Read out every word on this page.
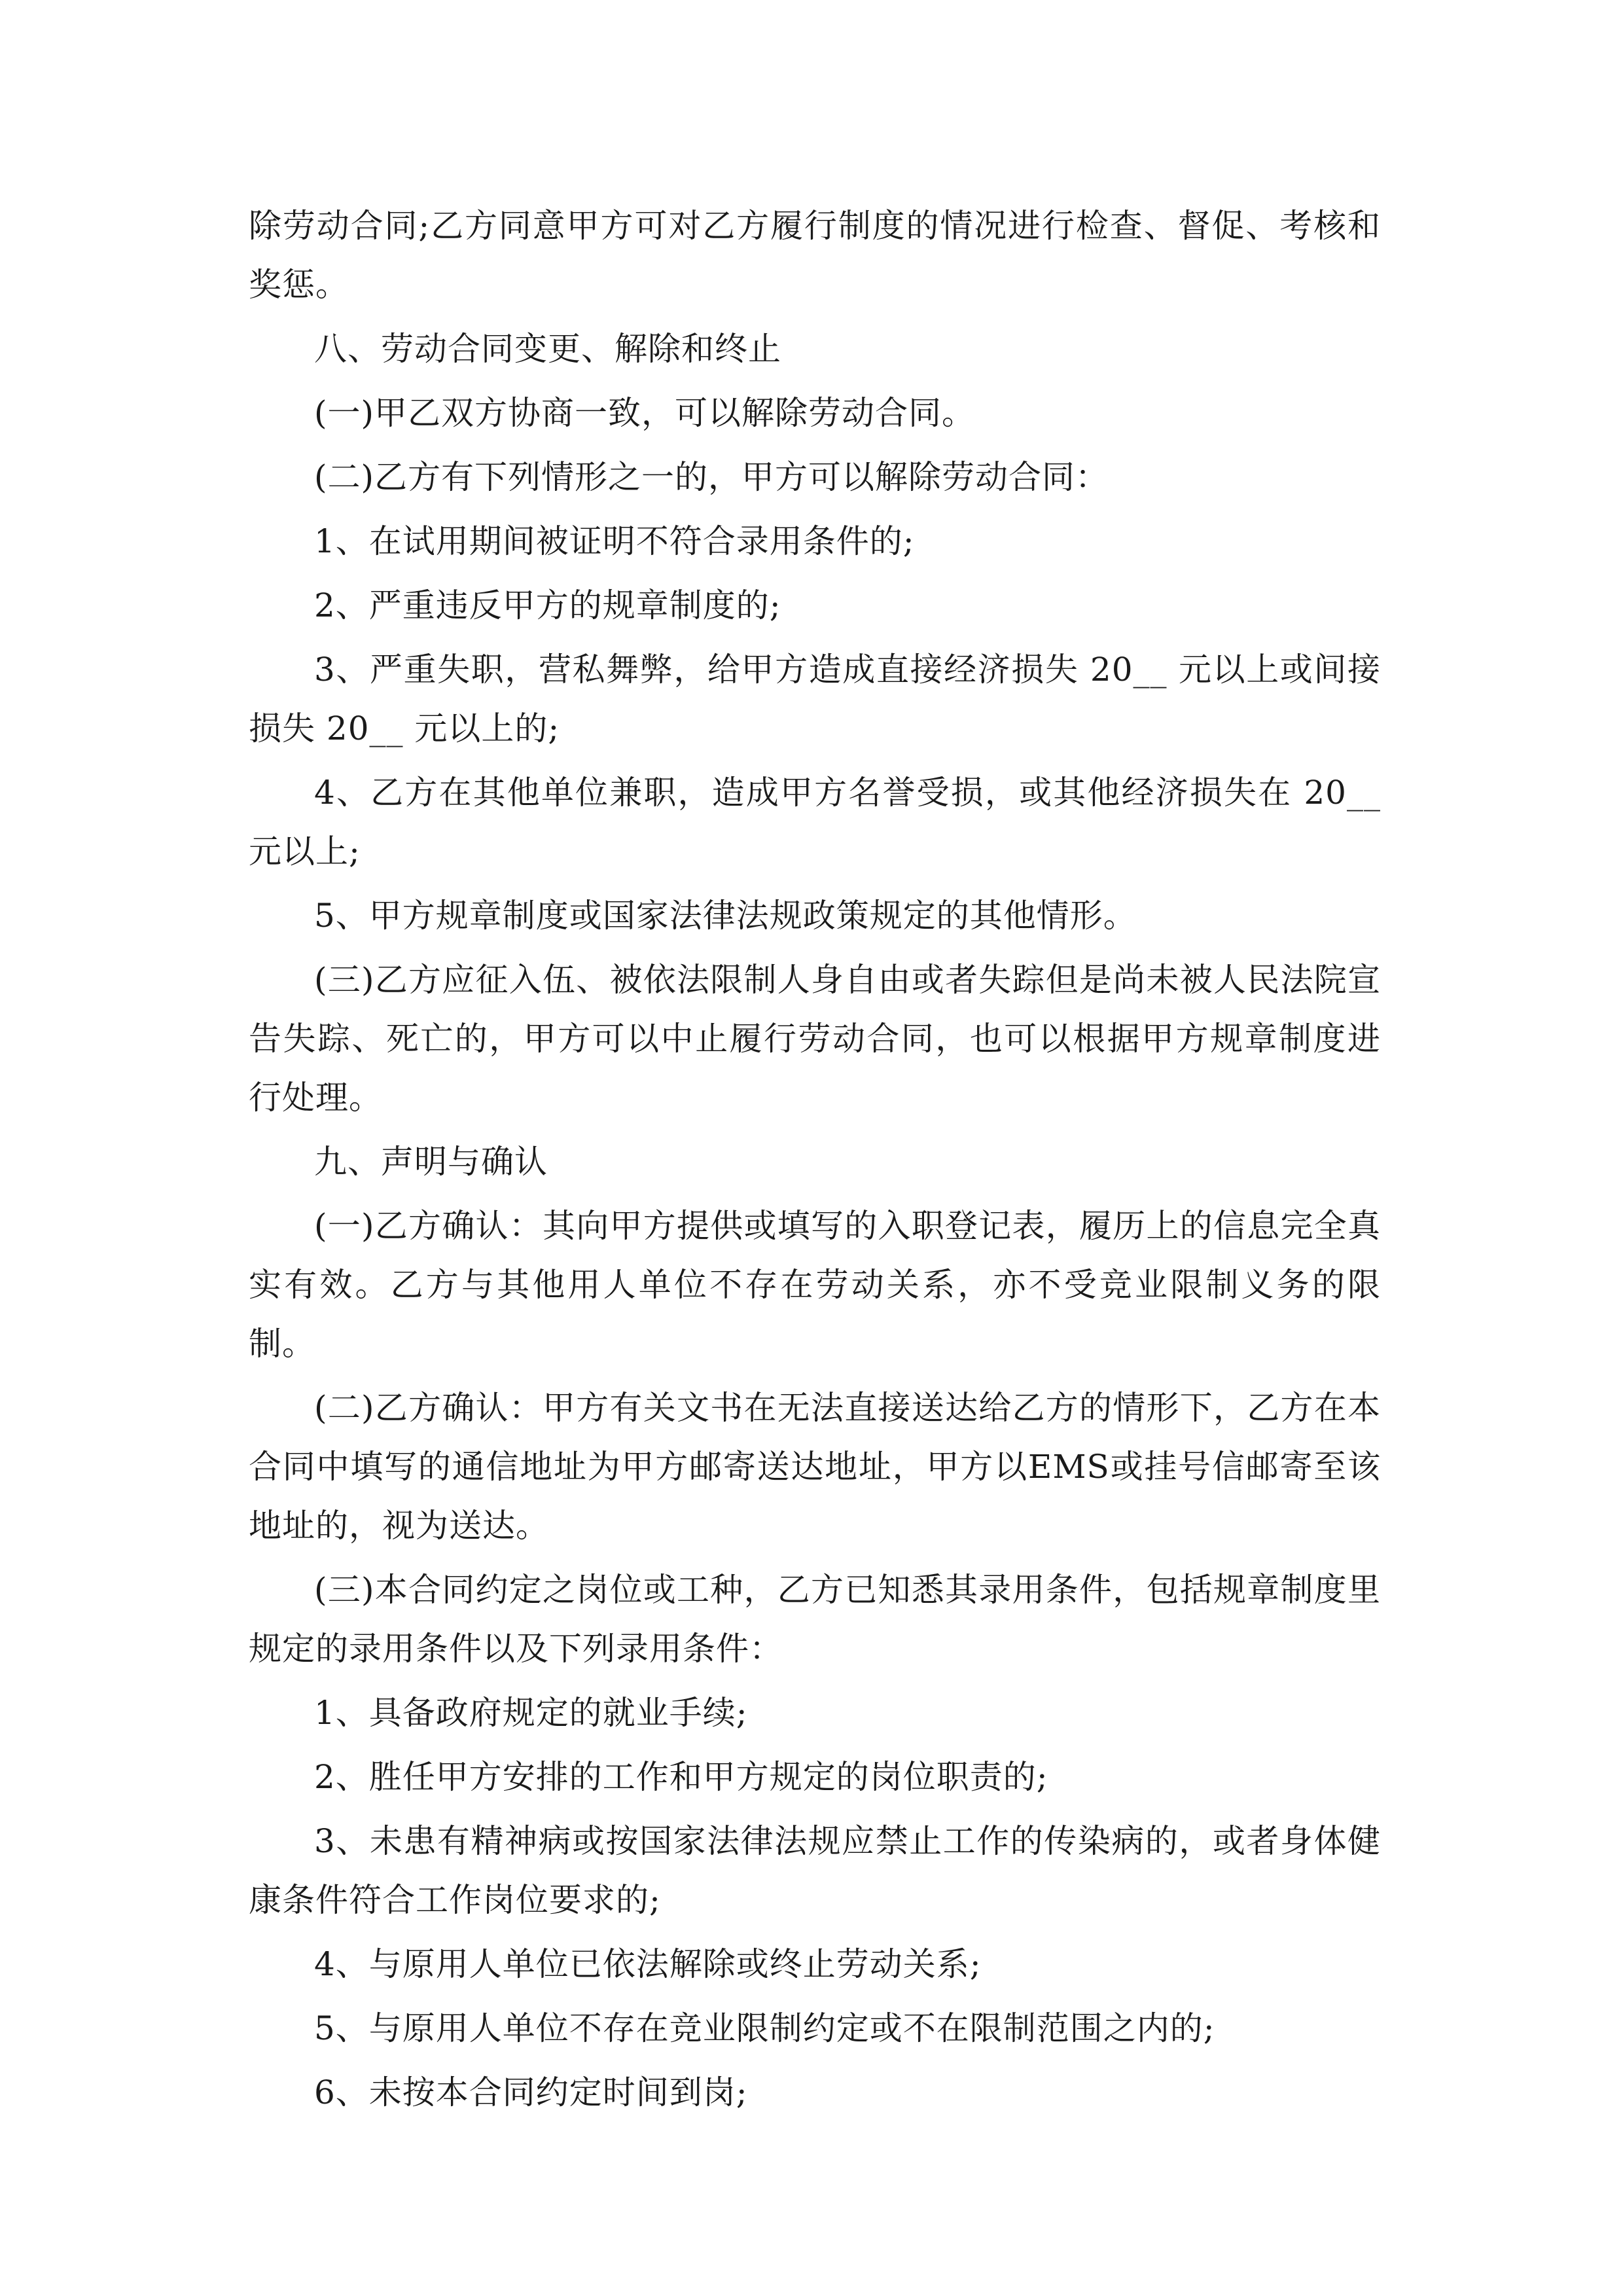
除劳动合同;乙方同意甲方可对乙方履行制度的情况进行检查、督促、考核和奖惩。

八、劳动合同变更、解除和终止

(一)甲乙双方协商一致，可以解除劳动合同。

(二)乙方有下列情形之一的，甲方可以解除劳动合同：

1、在试用期间被证明不符合录用条件的;

2、严重违反甲方的规章制度的;

3、严重失职，营私舞弊，给甲方造成直接经济损失 20__ 元以上或间接损失 20__ 元以上的;

4、乙方在其他单位兼职，造成甲方名誉受损，或其他经济损失在 20__ 元以上;

5、甲方规章制度或国家法律法规政策规定的其他情形。

(三)乙方应征入伍、被依法限制人身自由或者失踪但是尚未被人民法院宣告失踪、死亡的，甲方可以中止履行劳动合同，也可以根据甲方规章制度进行处理。

九、声明与确认

(一)乙方确认：其向甲方提供或填写的入职登记表，履历上的信息完全真实有效。乙方与其他用人单位不存在劳动关系，亦不受竞业限制义务的限制。

(二)乙方确认：甲方有关文书在无法直接送达给乙方的情形下，乙方在本合同中填写的通信地址为甲方邮寄送达地址，甲方以EMS或挂号信邮寄至该地址的，视为送达。

(三)本合同约定之岗位或工种，乙方已知悉其录用条件，包括规章制度里规定的录用条件以及下列录用条件：

1、具备政府规定的就业手续;

2、胜任甲方安排的工作和甲方规定的岗位职责的;

3、未患有精神病或按国家法律法规应禁止工作的传染病的，或者身体健康条件符合工作岗位要求的;

4、与原用人单位已依法解除或终止劳动关系;

5、与原用人单位不存在竞业限制约定或不在限制范围之内的;

6、未按本合同约定时间到岗;
